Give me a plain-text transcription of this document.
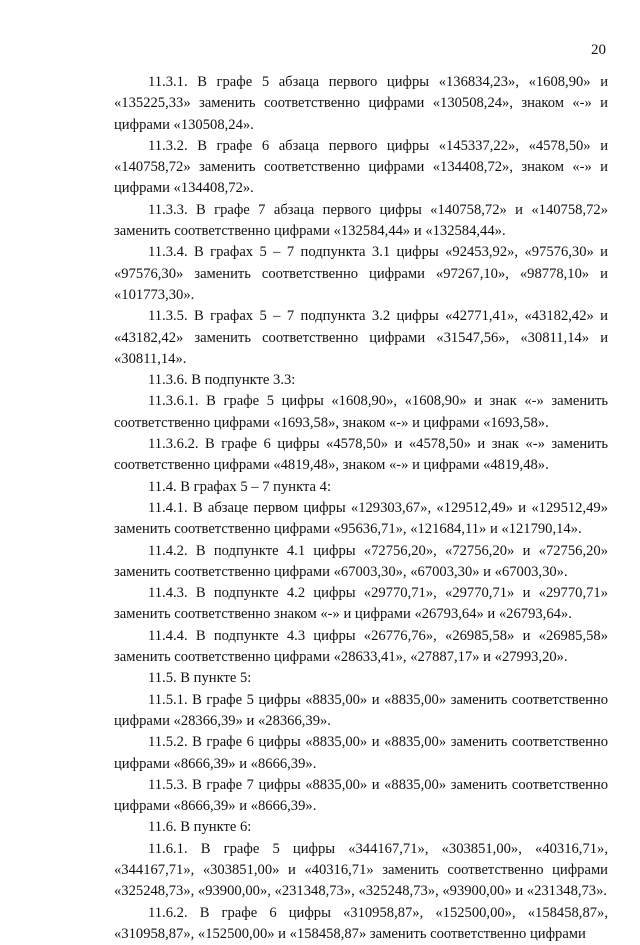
20

11.3.1. В графе 5 абзаца первого цифры «136834,23», «1608,90» и «135225,33» заменить соответственно цифрами «130508,24», знаком «-» и цифрами «130508,24».

11.3.2. В графе 6 абзаца первого цифры «145337,22», «4578,50» и «140758,72» заменить соответственно цифрами «134408,72», знаком «-» и цифрами «134408,72».

11.3.3. В графе 7 абзаца первого цифры «140758,72» и «140758,72» заменить соответственно цифрами «132584,44» и «132584,44».

11.3.4. В графах 5 – 7 подпункта 3.1 цифры «92453,92», «97576,30» и «97576,30» заменить соответственно цифрами «97267,10», «98778,10» и «101773,30».

11.3.5. В графах 5 – 7 подпункта 3.2 цифры «42771,41», «43182,42» и «43182,42» заменить соответственно цифрами «31547,56», «30811,14» и «30811,14».

11.3.6. В подпункте 3.3:

11.3.6.1. В графе 5 цифры «1608,90», «1608,90» и знак «-» заменить соответственно цифрами «1693,58», знаком «-» и цифрами «1693,58».

11.3.6.2. В графе 6 цифры «4578,50» и «4578,50» и знак «-» заменить соответственно цифрами «4819,48», знаком «-» и цифрами «4819,48».

11.4. В графах 5 – 7 пункта 4:

11.4.1. В абзаце первом цифры «129303,67», «129512,49» и «129512,49» заменить соответственно цифрами «95636,71», «121684,11» и «121790,14».

11.4.2. В подпункте 4.1 цифры «72756,20», «72756,20» и «72756,20» заменить соответственно цифрами «67003,30», «67003,30» и «67003,30».

11.4.3. В подпункте 4.2 цифры «29770,71», «29770,71» и «29770,71» заменить соответственно знаком «-» и цифрами «26793,64» и «26793,64».

11.4.4. В подпункте 4.3 цифры «26776,76», «26985,58» и «26985,58» заменить соответственно цифрами «28633,41», «27887,17» и «27993,20».

11.5. В пункте 5:

11.5.1. В графе 5 цифры «8835,00» и «8835,00» заменить соответственно цифрами «28366,39» и «28366,39».

11.5.2. В графе 6 цифры «8835,00» и «8835,00» заменить соответственно цифрами «8666,39» и «8666,39».

11.5.3. В графе 7 цифры «8835,00» и «8835,00» заменить соответственно цифрами «8666,39» и «8666,39».

11.6. В пункте 6:

11.6.1. В графе 5 цифры «344167,71», «303851,00», «40316,71», «344167,71», «303851,00» и «40316,71» заменить соответственно цифрами «325248,73», «93900,00», «231348,73», «325248,73», «93900,00» и «231348,73».

11.6.2. В графе 6 цифры «310958,87», «152500,00», «158458,87», «310958,87», «152500,00» и «158458,87» заменить соответственно цифрами
